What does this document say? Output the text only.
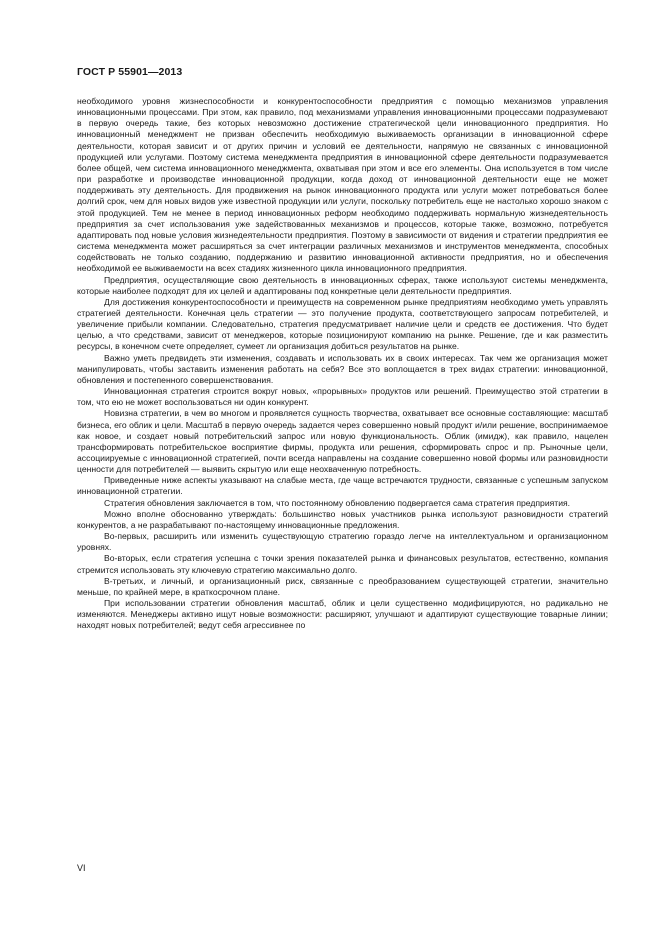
ГОСТ Р 55901—2013

необходимого уровня жизнеспособности и конкурентоспособности предприятия с помощью механизмов управления инновационными процессами. При этом, как правило, под механизмами управления инновационными процессами подразумевают в первую очередь такие, без которых невозможно достижение стратегической цели инновационного предприятия. Но инновационный менеджмент не призван обеспечить необходимую выживаемость организации в инновационной сфере деятельности, которая зависит и от других причин и условий ее деятельности, напрямую не связанных с инновационной продукцией или услугами. Поэтому система менеджмента предприятия в инновационной сфере деятельности подразумевается более общей, чем система инновационного менеджмента, охватывая при этом и все его элементы. Она используется в том числе при разработке и производстве инновационной продукции, когда доход от инновационной деятельности еще не может поддерживать эту деятельность. Для продвижения на рынок инновационного продукта или услуги может потребоваться более долгий срок, чем для новых видов уже известной продукции или услуги, поскольку потребитель еще не настолько хорошо знаком с этой продукцией. Тем не менее в период инновационных реформ необходимо поддерживать нормальную жизнедеятельность предприятия за счет использования уже задействованных механизмов и процессов, которые также, возможно, потребуется адаптировать под новые условия жизнедеятельности предприятия. Поэтому в зависимости от видения и стратегии предприятия ее система менеджмента может расширяться за счет интеграции различных механизмов и инструментов менеджмента, способных содействовать не только созданию, поддержанию и развитию инновационной активности предприятия, но и обеспечения необходимой ее выживаемости на всех стадиях жизненного цикла инновационного предприятия.

Предприятия, осуществляющие свою деятельность в инновационных сферах, также используют системы менеджмента, которые наиболее подходят для их целей и адаптированы под конкретные цели деятельности предприятия.

Для достижения конкурентоспособности и преимуществ на современном рынке предприятиям необходимо уметь управлять стратегией деятельности. Конечная цель стратегии — это получение продукта, соответствующего запросам потребителей, и увеличение прибыли компании. Следовательно, стратегия предусматривает наличие цели и средств ее достижения. Что будет целью, а что средствами, зависит от менеджеров, которые позиционируют компанию на рынке. Решение, где и как разместить ресурсы, в конечном счете определяет, сумеет ли организация добиться результатов на рынке.

Важно уметь предвидеть эти изменения, создавать и использовать их в своих интересах. Так чем же организация может манипулировать, чтобы заставить изменения работать на себя? Все это воплощается в трех видах стратегии: инновационной, обновления и постепенного совершенствования.

Инновационная стратегия строится вокруг новых, «прорывных» продуктов или решений. Преимущество этой стратегии в том, что ею не может воспользоваться ни один конкурент.

Новизна стратегии, в чем во многом и проявляется сущность творчества, охватывает все основные составляющие: масштаб бизнеса, его облик и цели. Масштаб в первую очередь задается через совершенно новый продукт и/или решение, воспринимаемое как новое, и создает новый потребительский запрос или новую функциональность. Облик (имидж), как правило, нацелен трансформировать потребительское восприятие фирмы, продукта или решения, сформировать спрос и пр. Рыночные цели, ассоциируемые с инновационной стратегией, почти всегда направлены на создание совершенно новой формы или разновидности ценности для потребителей — выявить скрытую или еще неохваченную потребность.

Приведенные ниже аспекты указывают на слабые места, где чаще встречаются трудности, связанные с успешным запуском инновационной стратегии.

Стратегия обновления заключается в том, что постоянному обновлению подвергается сама стратегия предприятия.

Можно вполне обоснованно утверждать: большинство новых участников рынка используют разновидности стратегий конкурентов, а не разрабатывают по-настоящему инновационные предложения.

Во-первых, расширить или изменить существующую стратегию гораздо легче на интеллектуальном и организационном уровнях.

Во-вторых, если стратегия успешна с точки зрения показателей рынка и финансовых результатов, естественно, компания стремится использовать эту ключевую стратегию максимально долго.

В-третьих, и личный, и организационный риск, связанные с преобразованием существующей стратегии, значительно меньше, по крайней мере, в краткосрочном плане.

При использовании стратегии обновления масштаб, облик и цели существенно модифицируются, но радикально не изменяются. Менеджеры активно ищут новые возможности: расширяют, улучшают и адаптируют существующие товарные линии; находят новых потребителей; ведут себя агрессивнее по

VI
